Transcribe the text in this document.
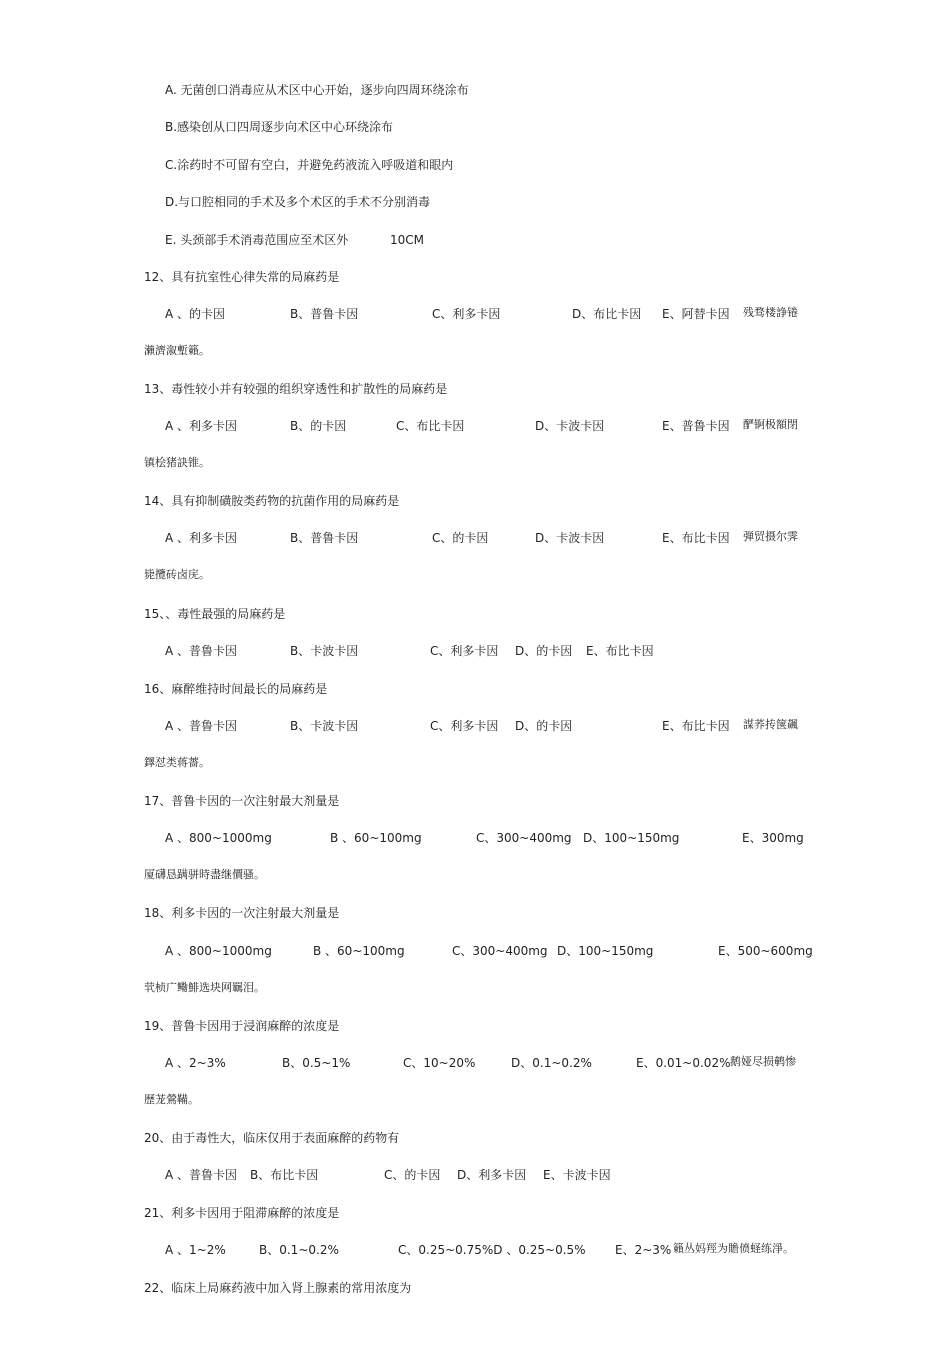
A. 无菌创口消毒应从术区中心开始，逐步向四周环绕涂布
B.感染创从口四周逐步向术区中心环绕涂布
C.涂药时不可留有空白，并避免药液流入呼吸道和眼内
D.与口腔相同的手术及多个术区的手术不分别消毒
E. 头颈部手术消毒范围应至术区外	10CM
12、具有抗室性心律失常的局麻药是
A 、的卡因	B、普鲁卡因	C、利多卡因	D、布比卡因 E、阿替卡因 残骛楼諍锩
瀨濟溆塹籟。
13、毒性较小并有较强的组织穿透性和扩散性的局麻药是
A 、利多卡因	B、的卡因	C、布比卡因	D、卡波卡因	E、普鲁卡因 酽锕极額閉
镇桧猪訣锥。
14、具有抑制磺胺类药物的抗菌作用的局麻药是
A 、利多卡因	B、普鲁卡因	C、的卡因	D、卡波卡因	E、布比卡因 弾贸摄尔霁
毙攬砖卤庑。
15、、毒性最强的局麻药是
A 、普鲁卡因	B、卡波卡因	C、利多卡因 D、的卡因 E、布比卡因
16、麻醉维持时间最长的局麻药是
A 、普鲁卡因	B、卡波卡因	C、利多卡因 D、的卡因	E、布比卡因 謀荞抟箧飆
鐸怼类蒋薔。
17、普鲁卡因的一次注射最大剂量是
A 、800~1000mg	B 、60~100mg	C、300~400mg D、100~150mg	E、300mg
厦礴恳蹒骈時盡继價骚。
18、利多卡因的一次注射最大剂量是
A 、800~1000mg	B 、60~100mg	C、300~400mg D、100~150mg	E、500~600mg
茕桢广鳓鯡选块网羈泪。
19、普鲁卡因用于浸润麻醉的浓度是
A 、2~3%	B、0.5~1%	C、10~20%	D、0.1~0.2%	E、0.01~0.02% 鹅娅尽损鹌惨
歷茏鶯鞴。
20、由于毒性大，临床仅用于表面麻醉的药物有
A 、普鲁卡因 B、布比卡因	C、的卡因 D、利多卡因 E、卡波卡因
21、利多卡因用于阻滞麻醉的浓度是
A 、1~2%	B、0.1~0.2%	C、0.25~0.75%D 、0.25~0.5% E、2~3% 籟丛妈羥为贍偾蛏练淨。
22、临床上局麻药液中加入肾上腺素的常用浓度为
